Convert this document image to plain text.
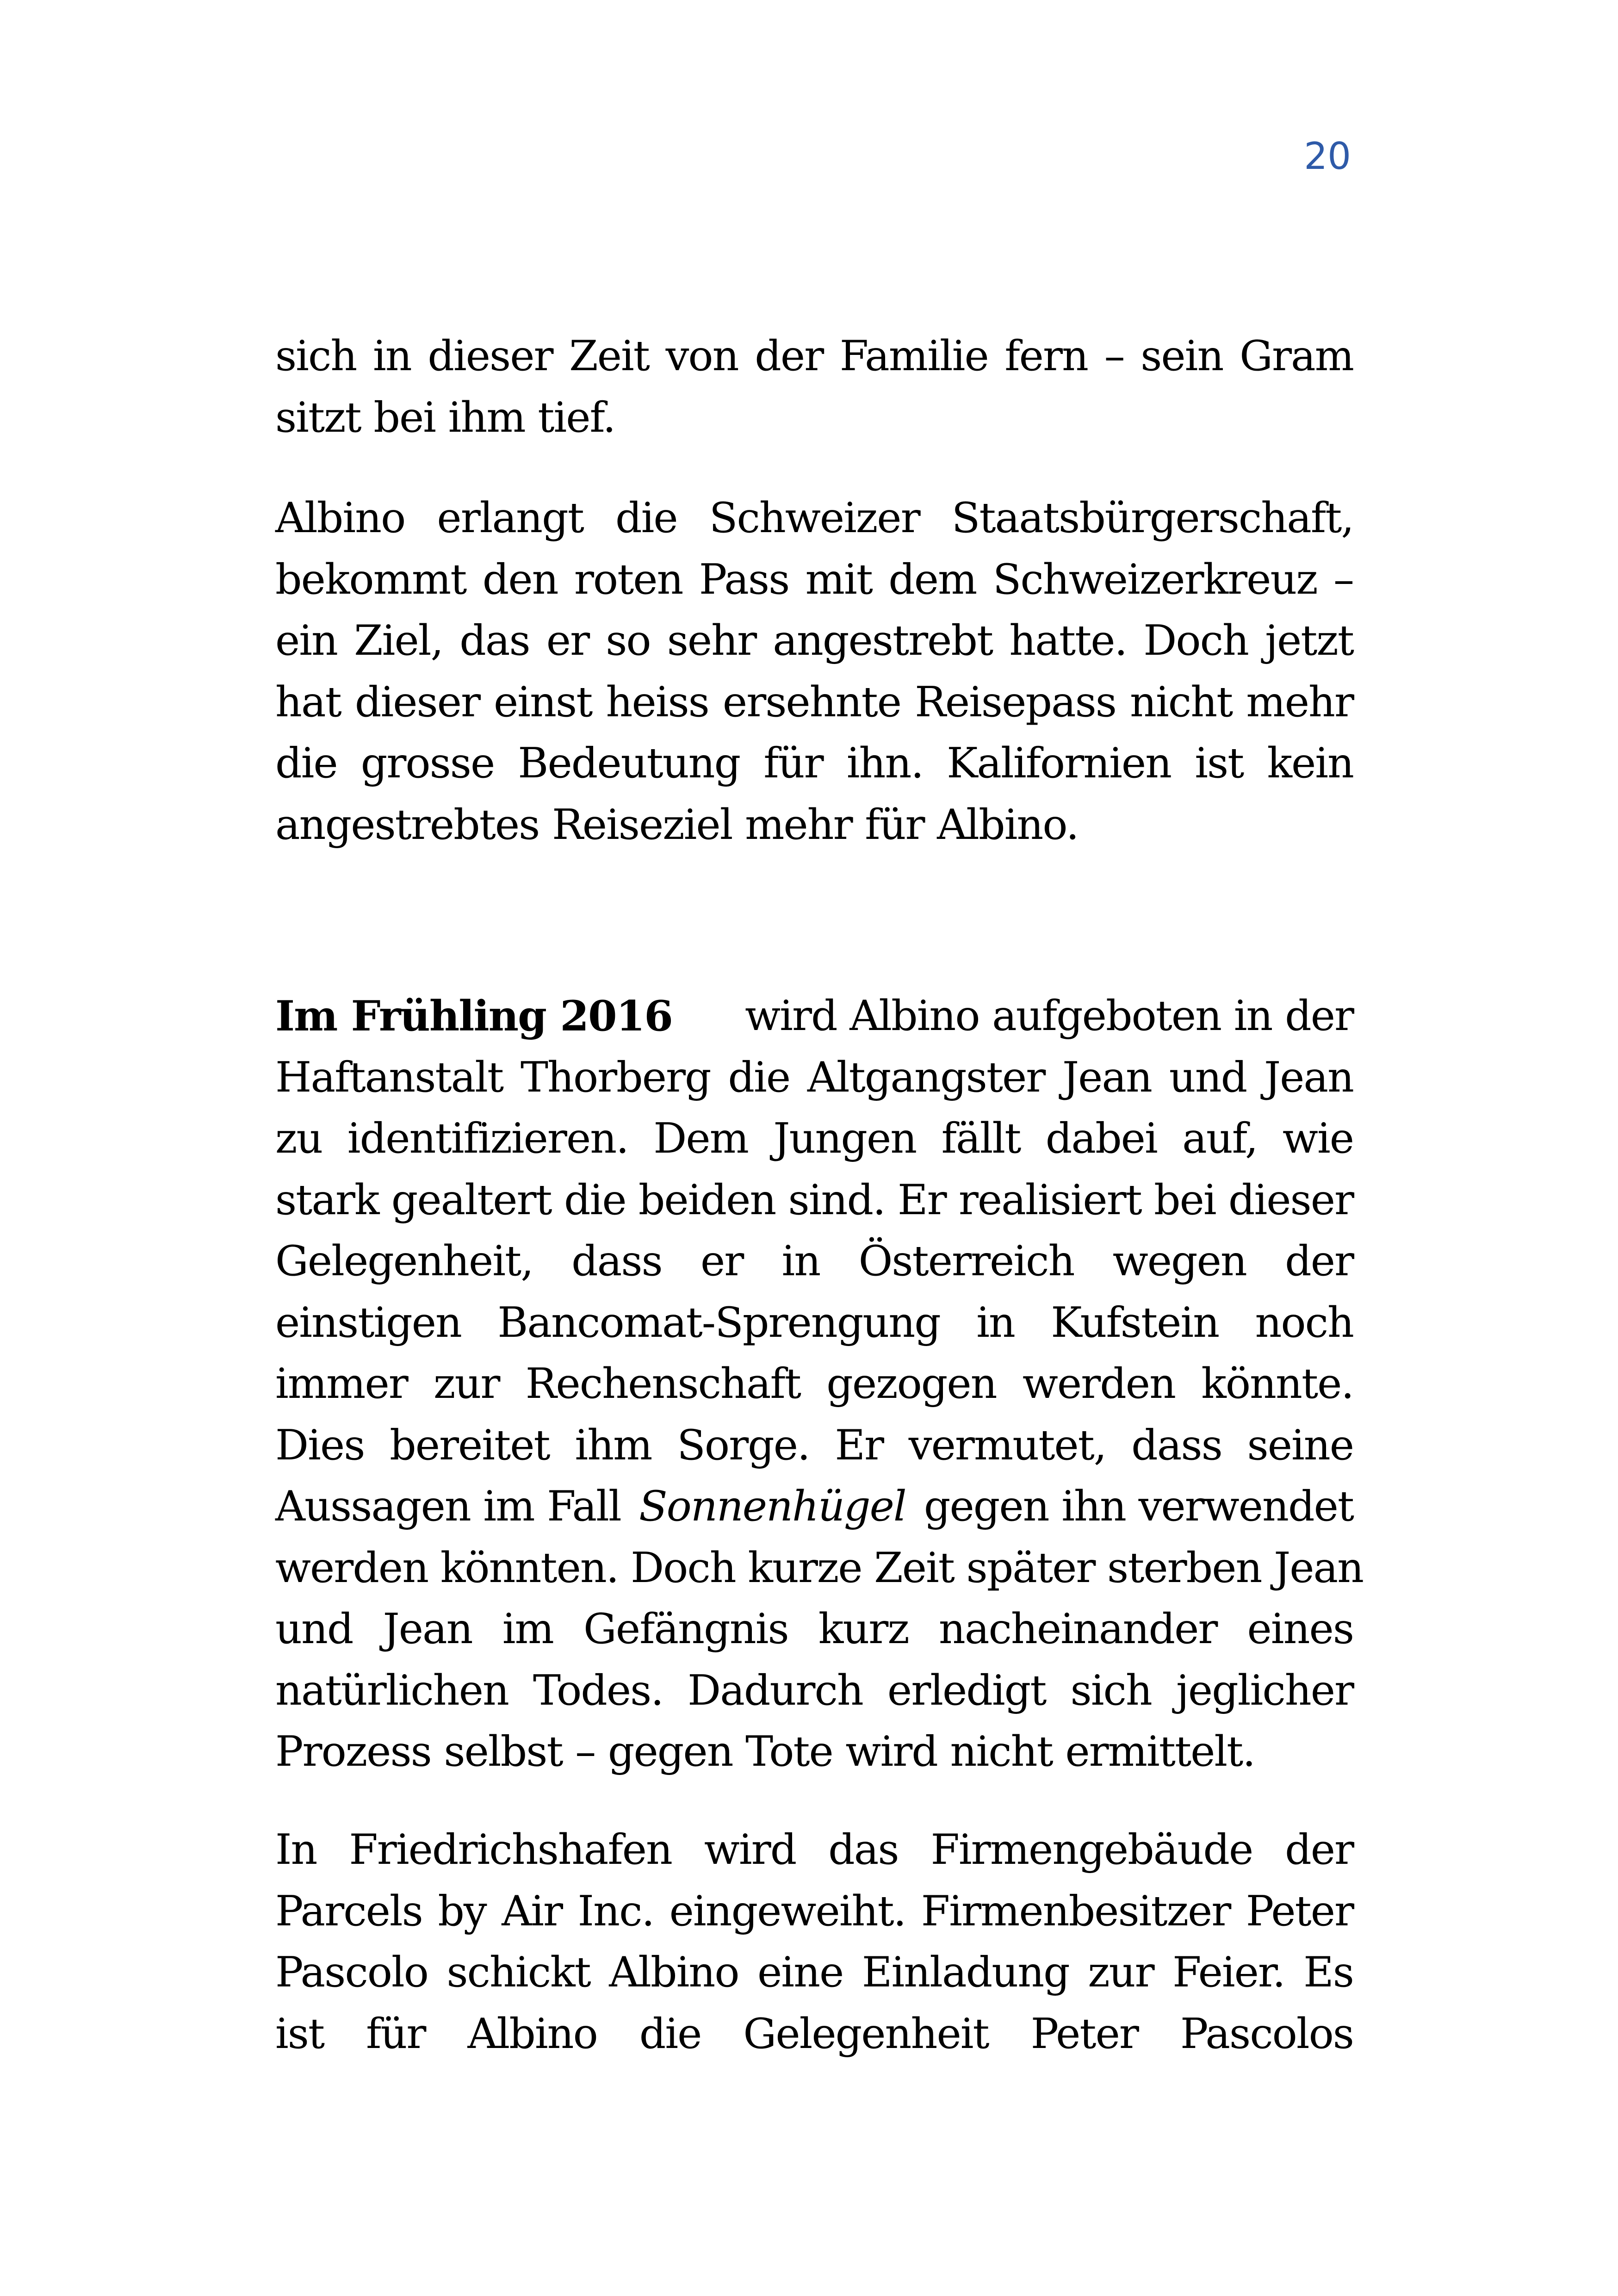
20
sich in dieser Zeit von der Familie fern – sein Gram
sitzt bei ihm tief.
Albino erlangt die Schweizer Staatsbürgerschaft,
bekommt den roten Pass mit dem Schweizerkreuz –
ein Ziel, das er so sehr angestrebt hatte. Doch jetzt
hat dieser einst heiss ersehnte Reisepass nicht mehr
die grosse Bedeutung für ihn. Kalifornien ist kein
angestrebtes Reiseziel mehr für Albino.
Im Frühling 2016 wird Albino aufgeboten in der
Haftanstalt Thorberg die Altgangster Jean und Jean
zu identifizieren. Dem Jungen fällt dabei auf, wie
stark gealtert die beiden sind. Er realisiert bei dieser
Gelegenheit, dass er in Österreich wegen der
einstigen Bancomat-Sprengung in Kufstein noch
immer zur Rechenschaft gezogen werden könnte.
Dies bereitet ihm Sorge. Er vermutet, dass seine
Aussagen im Fall Sonnenhügel gegen ihn verwendet
werden könnten. Doch kurze Zeit später sterben Jean
und Jean im Gefängnis kurz nacheinander eines
natürlichen Todes. Dadurch erledigt sich jeglicher
Prozess selbst – gegen Tote wird nicht ermittelt.
In Friedrichshafen wird das Firmengebäude der
Parcels by Air Inc. eingeweiht. Firmenbesitzer Peter
Pascolo schickt Albino eine Einladung zur Feier. Es
ist für Albino die Gelegenheit Peter Pascolos
